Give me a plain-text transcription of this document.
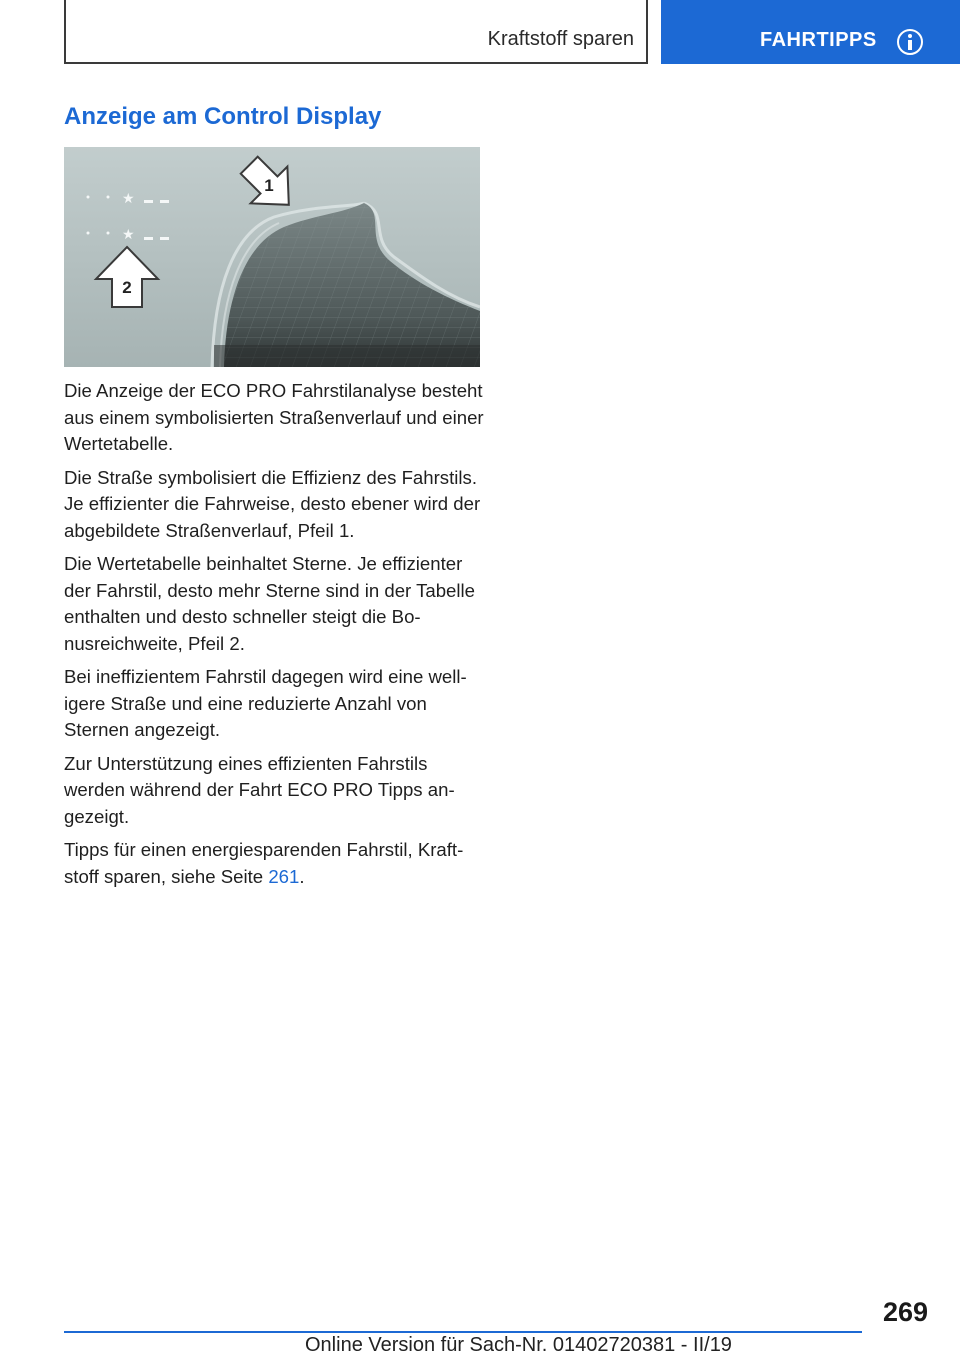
Kraftstoff sparen	FAHRTIPPS
Anzeige am Control Display
★
★
1
2

Die Anzeige der ECO PRO Fahrstilanalyse besteht aus einem symbolisierten Straßenverlauf und einer Wertetabelle.

Die Straße symbolisiert die Effizienz des Fahrstils. Je effizienter die Fahrweise, desto ebener wird der abgebildete Straßenverlauf, Pfeil 1.

Die Wertetabelle beinhaltet Sterne. Je effizienter der Fahrstil, desto mehr Sterne sind in der Tabelle enthalten und desto schneller steigt die Bonusreichweite, Pfeil 2.

Bei ineffizientem Fahrstil dagegen wird eine welligere Straße und eine reduzierte Anzahl von Sternen angezeigt.

Zur Unterstützung eines effizienten Fahrstils werden während der Fahrt ECO PRO Tipps angezeigt.

Tipps für einen energiesparenden Fahrstil, Kraftstoff sparen, siehe Seite 261.

269
Online Version für Sach-Nr. 01402720381 - II/19
